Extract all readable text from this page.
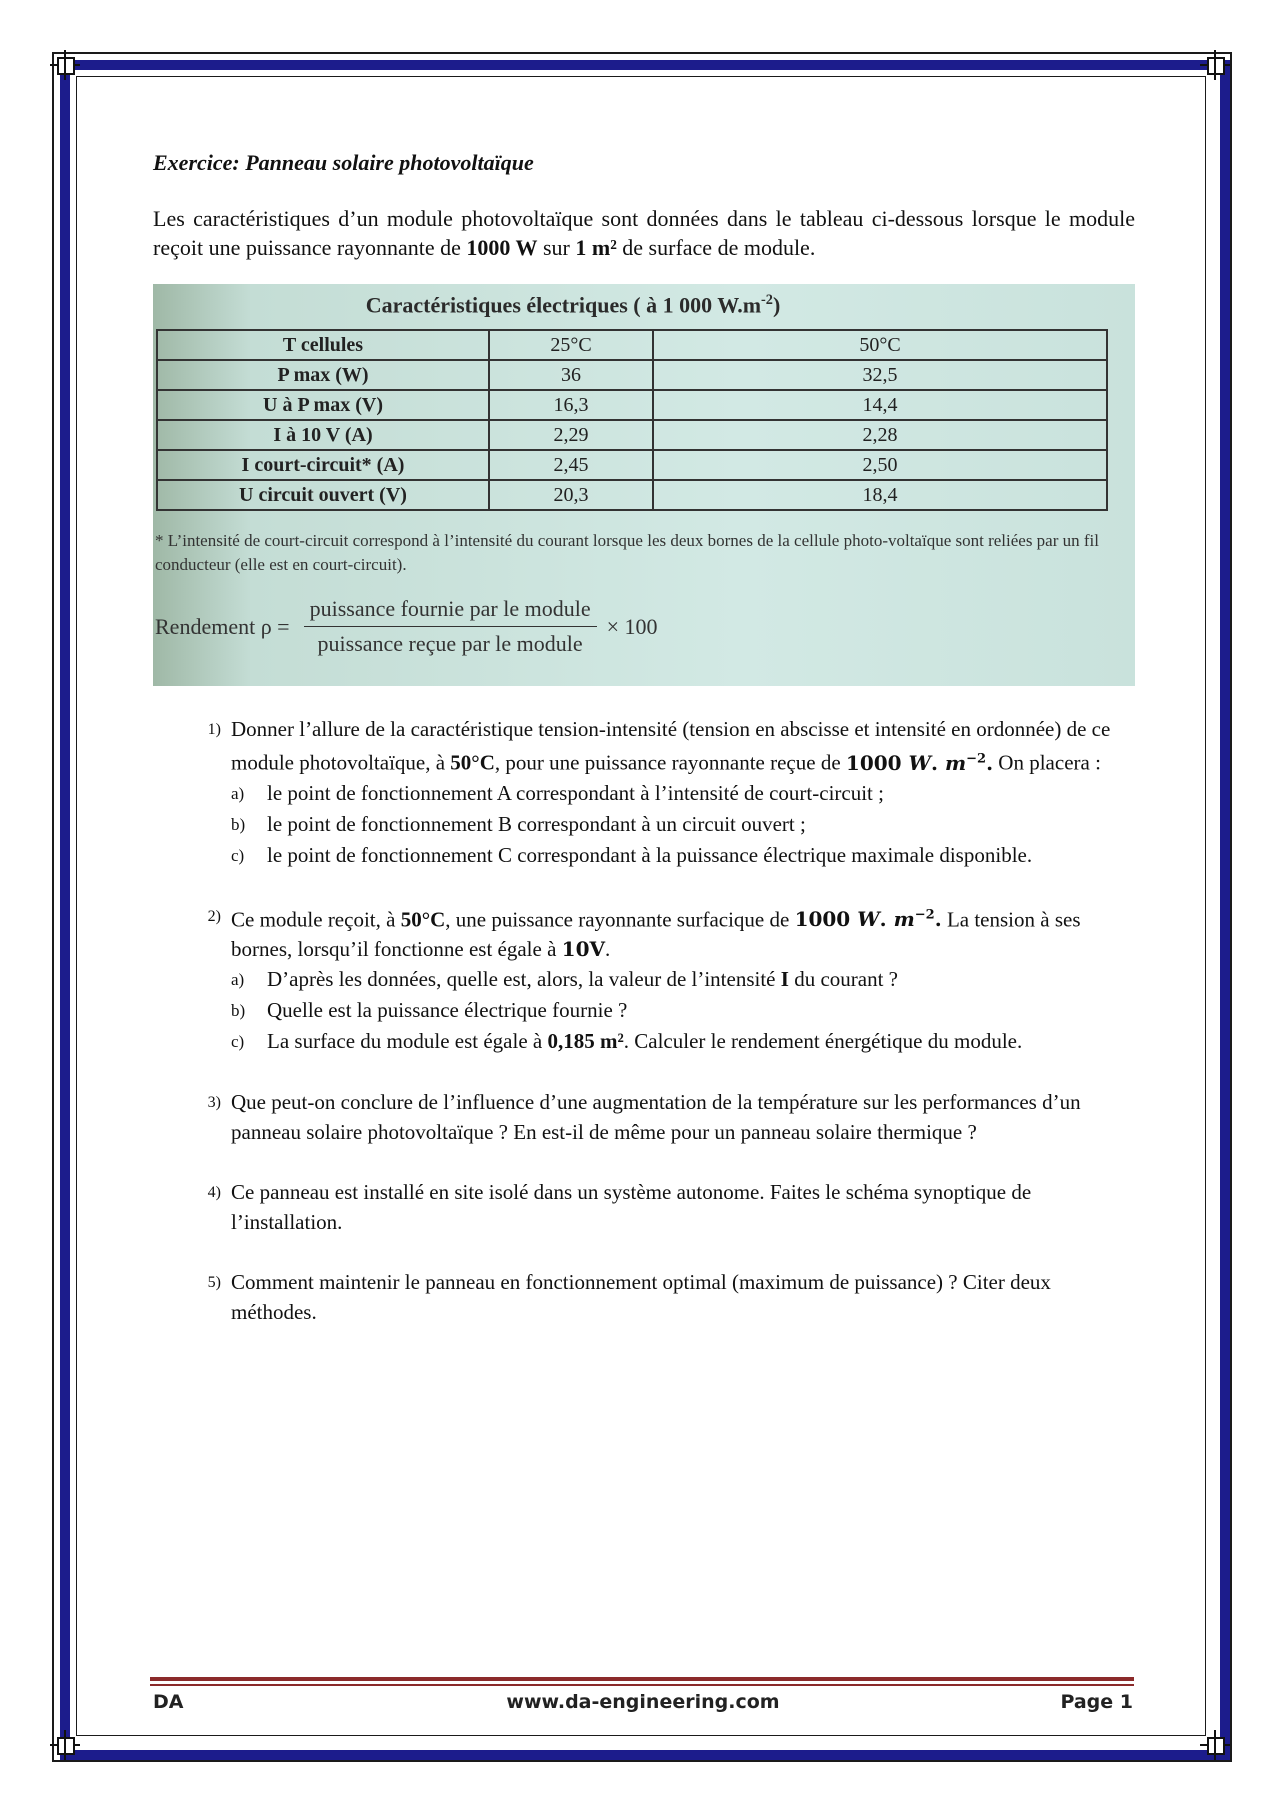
Exercice: Panneau solaire photovoltaïque

Les caractéristiques d’un module photovoltaïque sont données dans le tableau ci-dessous lorsque le module reçoit une puissance rayonnante de 1000 W sur 1 m² de surface de module.

Caractéristiques électriques ( à 1 000 $W.m^{-2}$)
T cellules	25°C	50°C
P max (W)	36	32,5
U à P max (V)	16,3	14,4
I à 10 V (A)	2,29	2,28
I court-circuit* (A)	2,45	2,50
U circuit ouvert (V)	20,3	18,4
* L’intensité de court-circuit correspond à l’intensité du courant lorsque les deux bornes de la cellule photo-voltaïque sont reliées par un fil conducteur (elle est en court-circuit).
Rendement $\rho = \frac{\text{puissance fournie par le module}}{\text{puissance reçue par le module}} \times 100$
1) Donner l’allure de la caractéristique tension-intensité (tension en abscisse et intensité en ordonnée) de ce module photovoltaïque, à 50°C, pour une puissance rayonnante reçue de 1000 W. $m^{-2}$. On placera :
a)	le point de fonctionnement A correspondant à l’intensité de court-circuit ;
b)	le point de fonctionnement B correspondant à un circuit ouvert ;
c)	le point de fonctionnement C correspondant à la puissance électrique maximale disponible.
2) Ce module reçoit, à 50°C, une puissance rayonnante surfacique de 1000 W. $m^{-2}$. La tension à ses bornes, lorsqu’il fonctionne est égale à 10V.
a)	D’après les données, quelle est, alors, la valeur de l’intensité I du courant ?
b)	Quelle est la puissance électrique fournie ?
c)	La surface du module est égale à 0,185 m². Calculer le rendement énergétique du module.
3) Que peut-on conclure de l’influence d’une augmentation de la température sur les performances d’un panneau solaire photovoltaïque ? En est-il de même pour un panneau solaire thermique ?
4) Ce panneau est installé en site isolé dans un système autonome. Faites le schéma synoptique de l’installation.
5) Comment maintenir le panneau en fonctionnement optimal (maximum de puissance) ? Citer deux méthodes.
DA	www.da-engineering.com	Page 1
